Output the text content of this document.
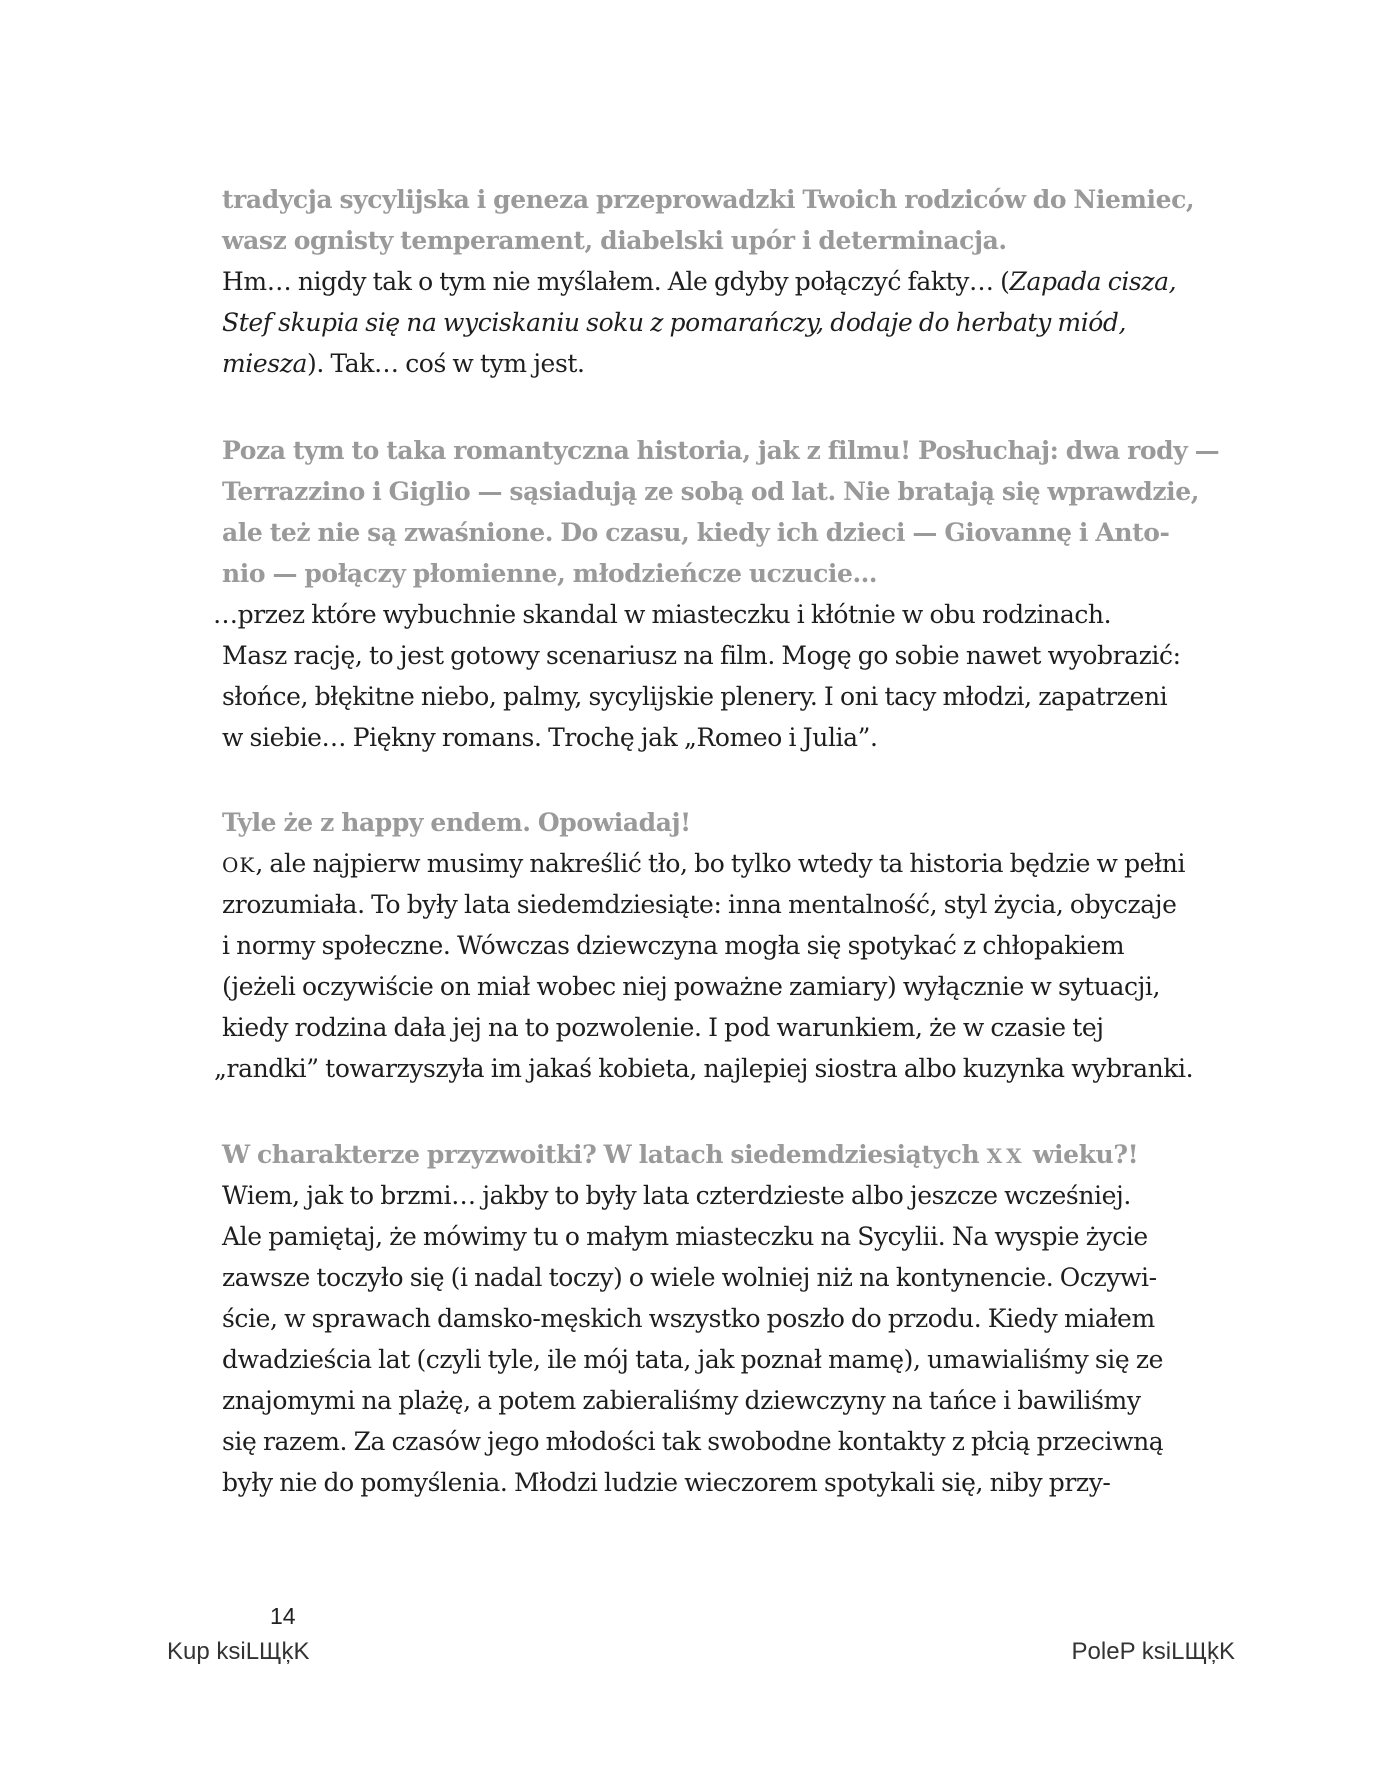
tradycja sycylijska i geneza przeprowadzki Twoich rodziców do Niemiec,
wasz ognisty temperament, diabelski upór i determinacja.
Hm… nigdy tak o tym nie myślałem. Ale gdyby połączyć fakty… (Zapada cisza,
Stef skupia się na wyciskaniu soku z pomarańczy, dodaje do herbaty miód,
miesza). Tak… coś w tym jest.
Poza tym to taka romantyczna historia, jak z filmu! Posłuchaj: dwa rody —
Terrazzino i Giglio — sąsiadują ze sobą od lat. Nie bratają się wprawdzie,
ale też nie są zwaśnione. Do czasu, kiedy ich dzieci — Giovannę i Anto-
nio — połączy płomienne, młodzieńcze uczucie…
…przez które wybuchnie skandal w miasteczku i kłótnie w obu rodzinach.
Masz rację, to jest gotowy scenariusz na film. Mogę go sobie nawet wyobrazić:
słońce, błękitne niebo, palmy, sycylijskie plenery. I oni tacy młodzi, zapatrzeni
w siebie… Piękny romans. Trochę jak „Romeo i Julia”.
Tyle że z happy endem. Opowiadaj!
OK, ale najpierw musimy nakreślić tło, bo tylko wtedy ta historia będzie w pełni
zrozumiała. To były lata siedemdziesiąte: inna mentalność, styl życia, obyczaje
i normy społeczne. Wówczas dziewczyna mogła się spotykać z chłopakiem
(jeżeli oczywiście on miał wobec niej poważne zamiary) wyłącznie w sytuacji,
kiedy rodzina dała jej na to pozwolenie. I pod warunkiem, że w czasie tej
„randki” towarzyszyła im jakaś kobieta, najlepiej siostra albo kuzynka wybranki.
W charakterze przyzwoitki? W latach siedemdziesiątych XX wieku?!
Wiem, jak to brzmi… jakby to były lata czterdzieste albo jeszcze wcześniej.
Ale pamiętaj, że mówimy tu o małym miasteczku na Sycylii. Na wyspie życie
zawsze toczyło się (i nadal toczy) o wiele wolniej niż na kontynencie. Oczywi-
ście, w sprawach damsko-męskich wszystko poszło do przodu. Kiedy miałem
dwadzieścia lat (czyli tyle, ile mój tata, jak poznał mamę), umawialiśmy się ze
znajomymi na plażę, a potem zabieraliśmy dziewczyny na tańce i bawiliśmy
się razem. Za czasów jego młodości tak swobodne kontakty z płcią przeciwną
były nie do pomyślenia. Młodzi ludzie wieczorem spotykali się, niby przy-
14
Kup ksiLЩķK	PoleP ksiLЩķK
